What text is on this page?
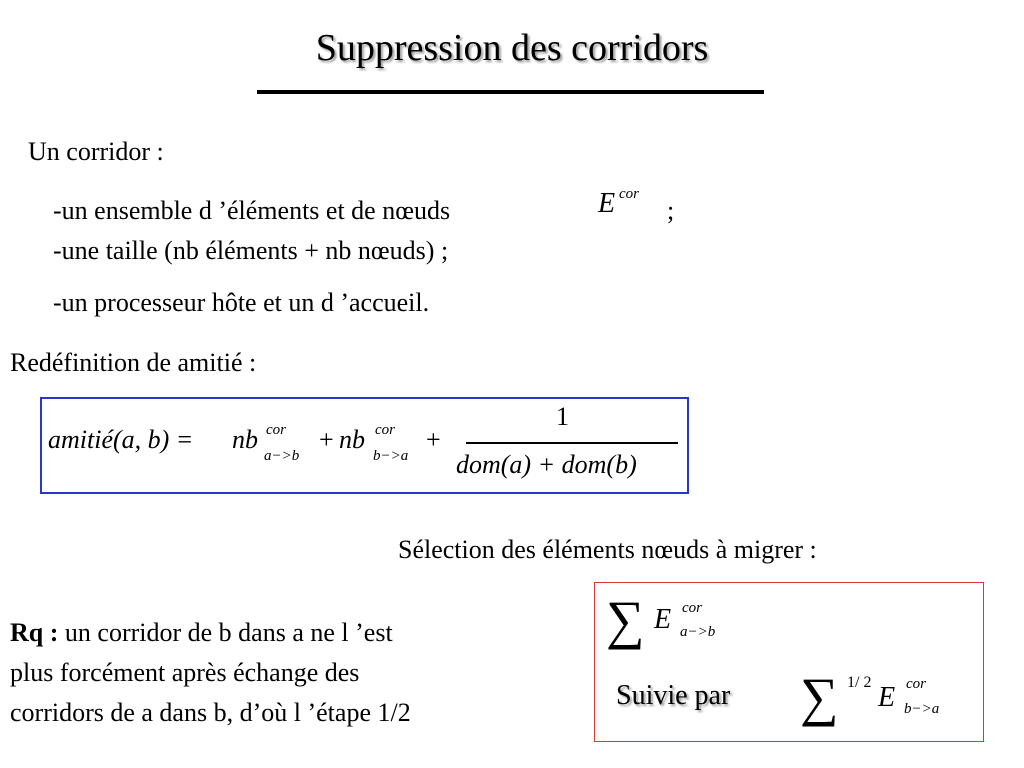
Suppression des corridors
Un corridor :
-un ensemble d ’éléments et de nœuds
-une taille (nb éléments + nb nœuds) ;
-un processeur hôte et un d ’accueil.
E cor
;
Redéfinition de amitié :
amitié(a, b) = nb cor
a−>b
+ nb cor
b−>a
+
1
dom(a) + dom(b)
Sélection des éléments nœuds à migrer :
∑ E cor
a−>b
Suivie par ∑ 1/ 2 E cor
b−>a
Rq : un corridor de b dans a ne l ’est
plus forcément après échange des
corridors de a dans b, d’où l ’étape 1/2
